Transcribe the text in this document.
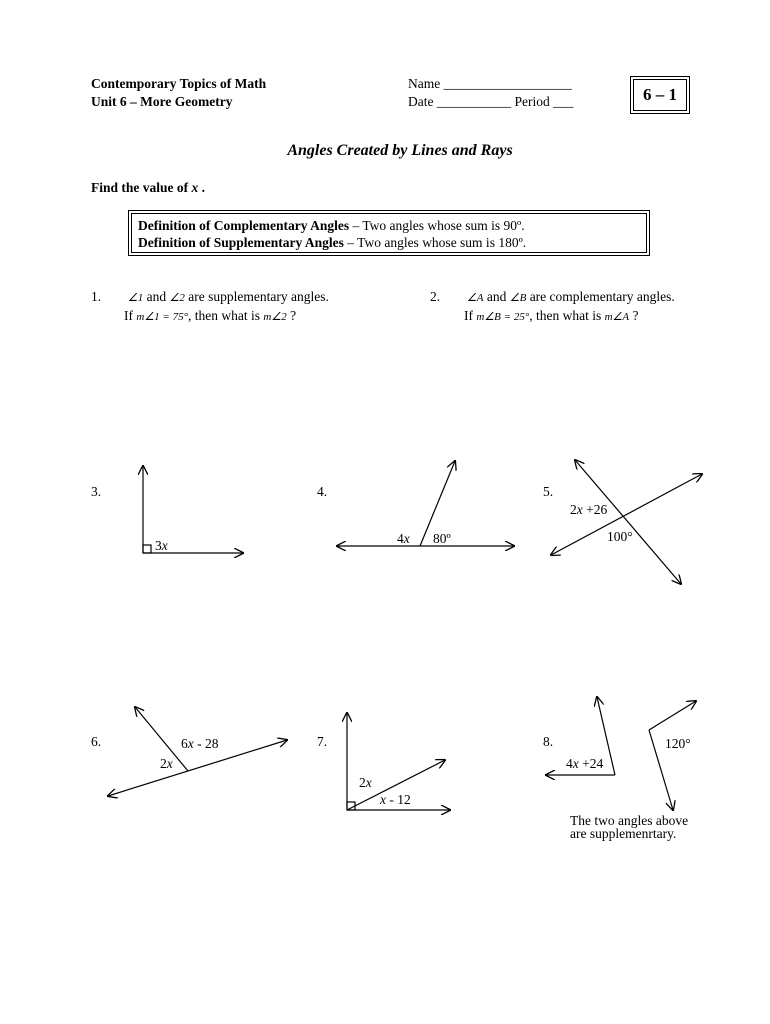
Contemporary Topics of Math
Unit 6 – More Geometry
Name ___________________
Date ___________ Period ___	6 – 1
Angles Created by Lines and Rays
Find the value of x .
Definition of Complementary Angles – Two angles whose sum is 90º.
Definition of Supplementary Angles – Two angles whose sum is 180º.
3.
3x
4.
4x 80º
5.
2x +26
100°
6.	6x - 28
2x
7.
2x
x - 12
8.
4x +24
120°
The two angles above
are supplemenrtary.
1. ∠1 and ∠2 are supplementary angles.
If m∠1 = 75°, then what is m∠2 ?
2. ∠A and ∠B are complementary angles.
If m∠B = 25°, then what is m∠A ?
